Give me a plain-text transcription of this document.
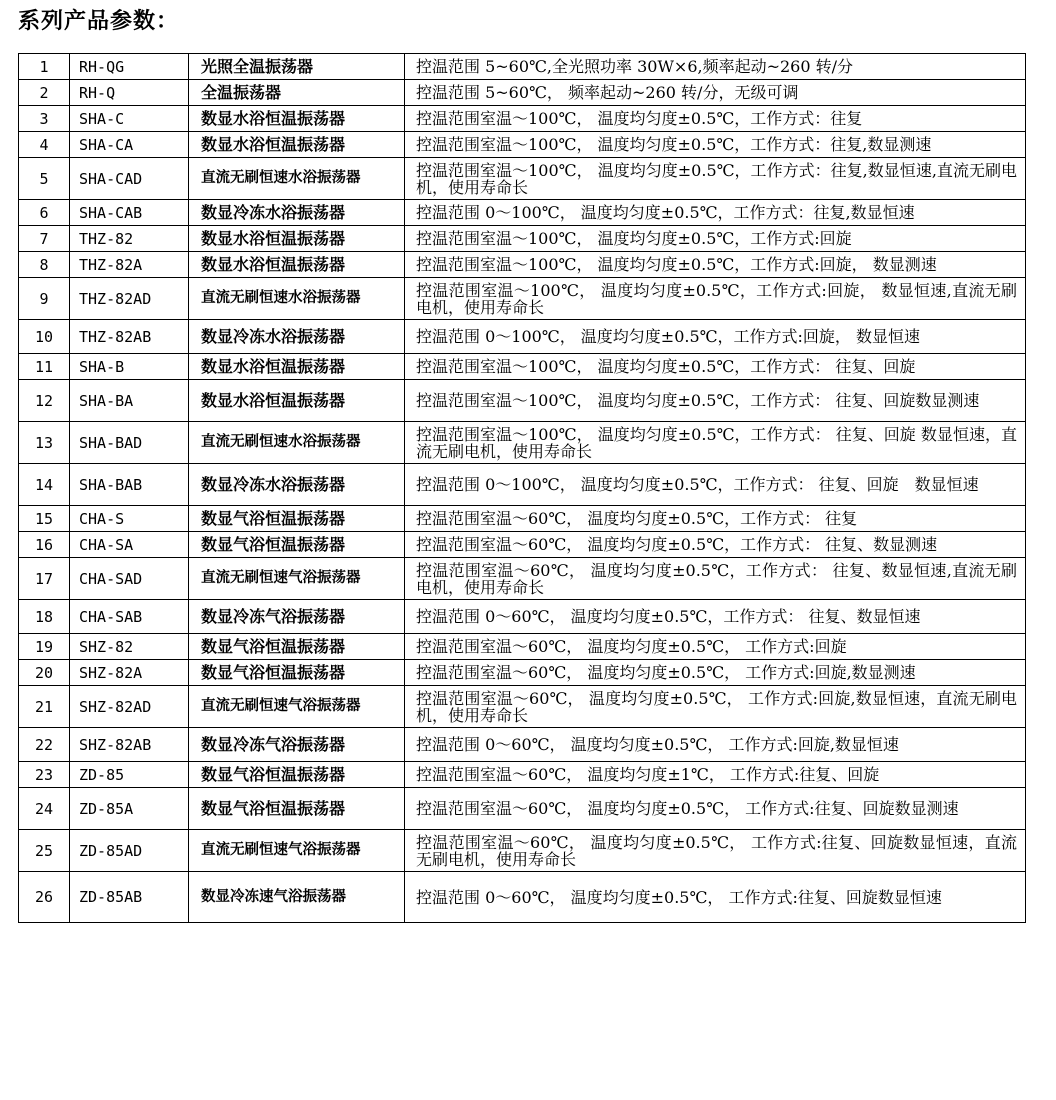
系列产品参数：
1	RH-QG	光照全温振荡器	控温范围 5~60℃,全光照功率 30W×6,频率起动~260 转/分
2	RH-Q	全温振荡器	控温范围 5~60℃， 频率起动~260 转/分，无级可调
3	SHA-C	数显水浴恒温振荡器	控温范围室温～100℃， 温度均匀度±0.5℃，工作方式：往复
4	SHA-CA	数显水浴恒温振荡器	控温范围室温～100℃， 温度均匀度±0.5℃，工作方式：往复,数显测速
5	SHA-CAD	直流无刷恒速水浴振荡器	控温范围室温～100℃， 温度均匀度±0.5℃，工作方式：往复,数显恒速,直流无刷电机，使用寿命长
6	SHA-CAB	数显冷冻水浴振荡器	控温范围 0～100℃， 温度均匀度±0.5℃，工作方式：往复,数显恒速
7	THZ-82	数显水浴恒温振荡器	控温范围室温～100℃， 温度均匀度±0.5℃，工作方式:回旋
8	THZ-82A	数显水浴恒温振荡器	控温范围室温～100℃， 温度均匀度±0.5℃，工作方式:回旋， 数显测速
9	THZ-82AD	直流无刷恒速水浴振荡器	控温范围室温～100℃， 温度均匀度±0.5℃，工作方式:回旋， 数显恒速,直流无刷电机，使用寿命长
10	THZ-82AB	数显冷冻水浴振荡器	控温范围 0～100℃， 温度均匀度±0.5℃，工作方式:回旋， 数显恒速
11	SHA-B	数显水浴恒温振荡器	控温范围室温～100℃， 温度均匀度±0.5℃，工作方式： 往复、回旋
12	SHA-BA	数显水浴恒温振荡器	控温范围室温～100℃， 温度均匀度±0.5℃，工作方式： 往复、回旋数显测速
13	SHA-BAD	直流无刷恒速水浴振荡器	控温范围室温～100℃， 温度均匀度±0.5℃，工作方式： 往复、回旋 数显恒速，直流无刷电机，使用寿命长
14	SHA-BAB	数显冷冻水浴振荡器	控温范围 0～100℃， 温度均匀度±0.5℃，工作方式： 往复、回旋　数显恒速
15	CHA-S	数显气浴恒温振荡器	控温范围室温～60℃， 温度均匀度±0.5℃，工作方式： 往复
16	CHA-SA	数显气浴恒温振荡器	控温范围室温～60℃， 温度均匀度±0.5℃，工作方式： 往复、数显测速
17	CHA-SAD	直流无刷恒速气浴振荡器	控温范围室温～60℃， 温度均匀度±0.5℃，工作方式： 往复、数显恒速,直流无刷电机，使用寿命长
18	CHA-SAB	数显冷冻气浴振荡器	控温范围 0～60℃， 温度均匀度±0.5℃，工作方式： 往复、数显恒速
19	SHZ-82	数显气浴恒温振荡器	控温范围室温～60℃， 温度均匀度±0.5℃， 工作方式:回旋
20	SHZ-82A	数显气浴恒温振荡器	控温范围室温～60℃， 温度均匀度±0.5℃， 工作方式:回旋,数显测速
21	SHZ-82AD	直流无刷恒速气浴振荡器	控温范围室温～60℃， 温度均匀度±0.5℃， 工作方式:回旋,数显恒速，直流无刷电机，使用寿命长
22	SHZ-82AB	数显冷冻气浴振荡器	控温范围 0～60℃， 温度均匀度±0.5℃， 工作方式:回旋,数显恒速
23	ZD-85	数显气浴恒温振荡器	控温范围室温～60℃， 温度均匀度±1℃， 工作方式:往复、回旋
24	ZD-85A	数显气浴恒温振荡器	控温范围室温～60℃， 温度均匀度±0.5℃， 工作方式:往复、回旋数显测速
25	ZD-85AD	直流无刷恒速气浴振荡器	控温范围室温～60℃， 温度均匀度±0.5℃， 工作方式:往复、回旋数显恒速，直流无刷电机，使用寿命长
26	ZD-85AB	数显冷冻速气浴振荡器	控温范围 0～60℃， 温度均匀度±0.5℃， 工作方式:往复、回旋数显恒速
